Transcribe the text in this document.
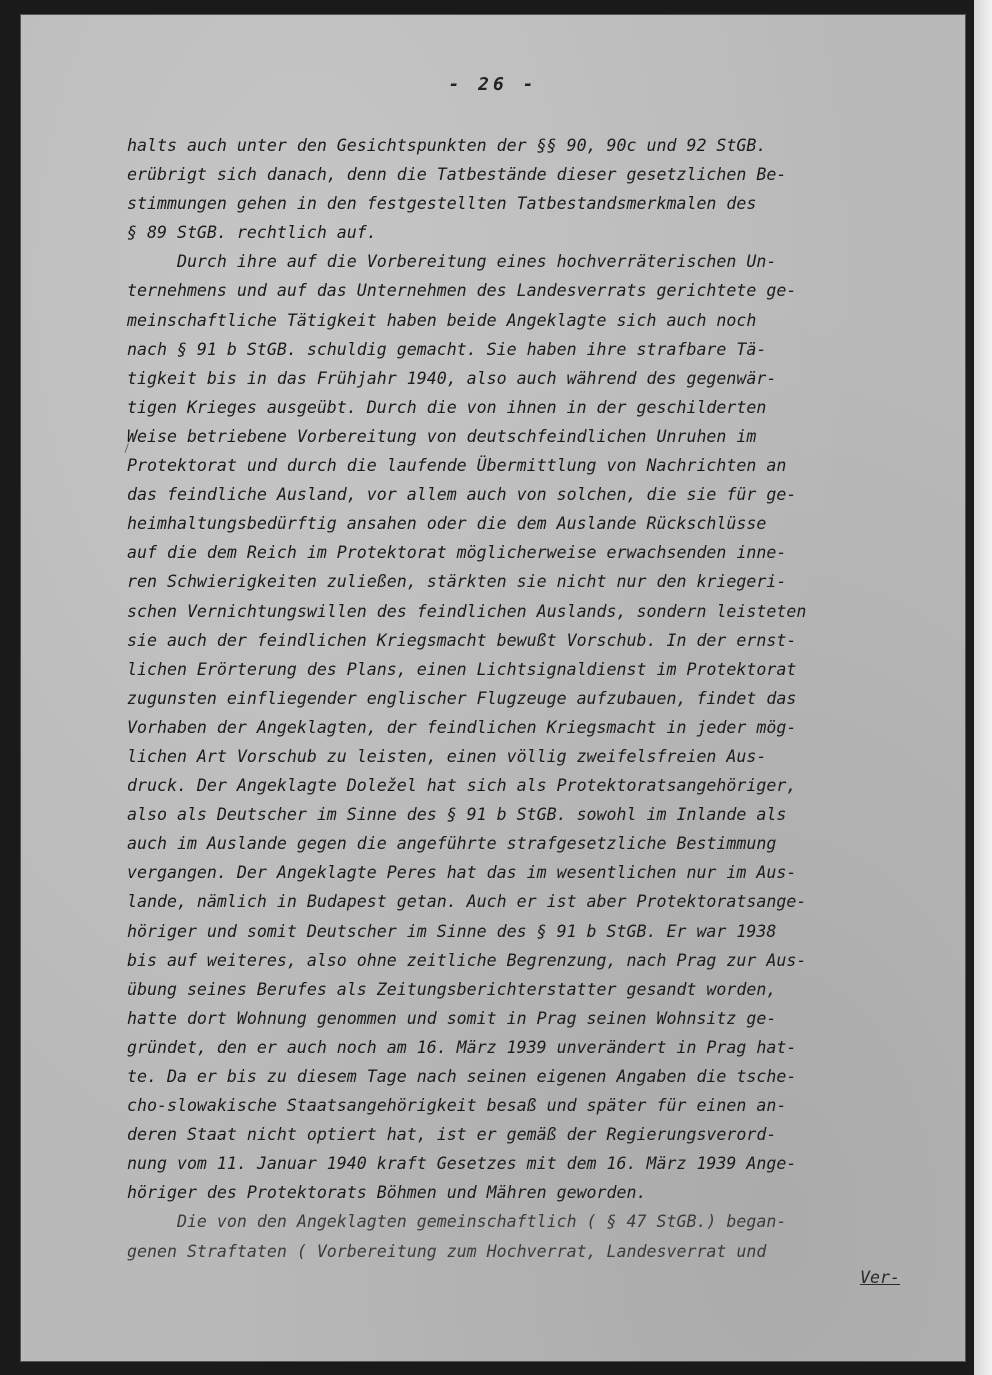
- 26 -
halts auch unter den Gesichtspunkten der §§ 90, 90c und 92 StGB.
erübrigt sich danach, denn die Tatbestände dieser gesetzlichen Be-
stimmungen gehen in den festgestellten Tatbestandsmerkmalen des
§ 89 StGB. rechtlich auf.
Durch ihre auf die Vorbereitung eines hochverräterischen Un-
ternehmens und auf das Unternehmen des Landesverrats gerichtete ge-
meinschaftliche Tätigkeit haben beide Angeklagte sich auch noch
nach § 91 b StGB. schuldig gemacht. Sie haben ihre strafbare Tä-
tigkeit bis in das Frühjahr 1940, also auch während des gegenwär-
tigen Krieges ausgeübt. Durch die von ihnen in der geschilderten
Weise betriebene Vorbereitung von deutschfeindlichen Unruhen im
Protektorat und durch die laufende Übermittlung von Nachrichten an
das feindliche Ausland, vor allem auch von solchen, die sie für ge-
heimhaltungsbedürftig ansahen oder die dem Auslande Rückschlüsse
auf die dem Reich im Protektorat möglicherweise erwachsenden inne-
ren Schwierigkeiten zuließen, stärkten sie nicht nur den kriegeri-
schen Vernichtungswillen des feindlichen Auslands, sondern leisteten
sie auch der feindlichen Kriegsmacht bewußt Vorschub. In der ernst-
lichen Erörterung des Plans, einen Lichtsignaldienst im Protektorat
zugunsten einfliegender englischer Flugzeuge aufzubauen, findet das
Vorhaben der Angeklagten, der feindlichen Kriegsmacht in jeder mög-
lichen Art Vorschub zu leisten, einen völlig zweifelsfreien Aus-
druck. Der Angeklagte Doležel hat sich als Protektoratsangehöriger,
also als Deutscher im Sinne des § 91 b StGB. sowohl im Inlande als
auch im Auslande gegen die angeführte strafgesetzliche Bestimmung
vergangen. Der Angeklagte Peres hat das im wesentlichen nur im Aus-
lande, nämlich in Budapest getan. Auch er ist aber Protektoratsange-
höriger und somit Deutscher im Sinne des § 91 b StGB. Er war 1938
bis auf weiteres, also ohne zeitliche Begrenzung, nach Prag zur Aus-
übung seines Berufes als Zeitungsberichterstatter gesandt worden,
hatte dort Wohnung genommen und somit in Prag seinen Wohnsitz ge-
gründet, den er auch noch am 16. März 1939 unverändert in Prag hat-
te. Da er bis zu diesem Tage nach seinen eigenen Angaben die tsche-
cho-slowakische Staatsangehörigkeit besaß und später für einen an-
deren Staat nicht optiert hat, ist er gemäß der Regierungsverord-
nung vom 11. Januar 1940 kraft Gesetzes mit dem 16. März 1939 Ange-
höriger des Protektorats Böhmen und Mähren geworden.
Die von den Angeklagten gemeinschaftlich ( § 47 StGB.) began-
genen Straftaten ( Vorbereitung zum Hochverrat, Landesverrat und
Ver-
